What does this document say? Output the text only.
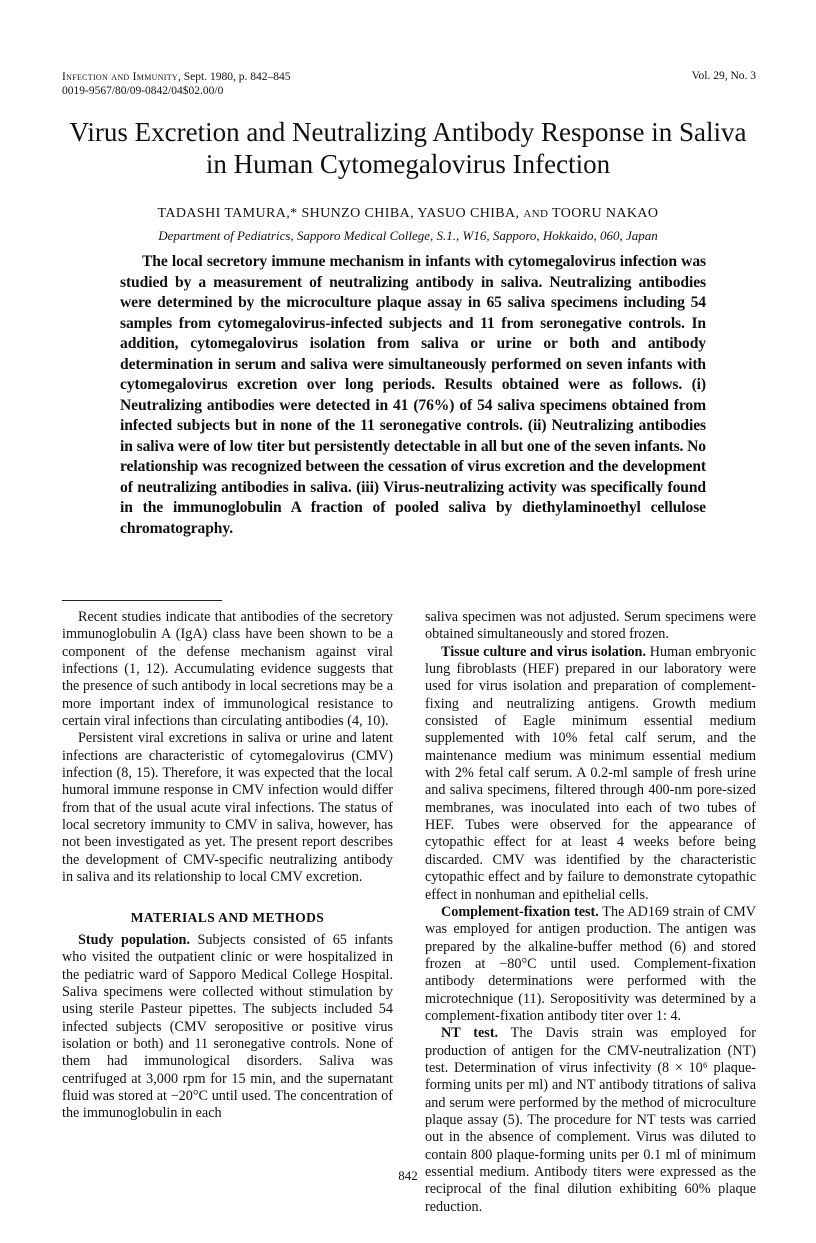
Infection and Immunity, Sept. 1980, p. 842–845
0019-9567/80/09-0842/04$02.00/0
Vol. 29, No. 3
Virus Excretion and Neutralizing Antibody Response in Saliva
in Human Cytomegalovirus Infection
TADASHI TAMURA,* SHUNZO CHIBA, YASUO CHIBA, AND TOORU NAKAO
Department of Pediatrics, Sapporo Medical College, S.1., W16, Sapporo, Hokkaido, 060, Japan
The local secretory immune mechanism in infants with cytomegalovirus infection was studied by a measurement of neutralizing antibody in saliva. Neutralizing antibodies were determined by the microculture plaque assay in 65 saliva specimens including 54 samples from cytomegalovirus-infected subjects and 11 from seronegative controls. In addition, cytomegalovirus isolation from saliva or urine or both and antibody determination in serum and saliva were simultaneously performed on seven infants with cytomegalovirus excretion over long periods. Results obtained were as follows. (i) Neutralizing antibodies were detected in 41 (76%) of 54 saliva specimens obtained from infected subjects but in none of the 11 seronegative controls. (ii) Neutralizing antibodies in saliva were of low titer but persistently detectable in all but one of the seven infants. No relationship was recognized between the cessation of virus excretion and the development of neutralizing antibodies in saliva. (iii) Virus-neutralizing activity was specifically found in the immunoglobulin A fraction of pooled saliva by diethylaminoethyl cellulose chromatography.

Recent studies indicate that antibodies of the secretory immunoglobulin A (IgA) class have been shown to be a component of the defense mechanism against viral infections (1, 12). Accumulating evidence suggests that the presence of such antibody in local secretions may be a more important index of immunological resistance to certain viral infections than circulating antibodies (4, 10).

Persistent viral excretions in saliva or urine and latent infections are characteristic of cytomegalovirus (CMV) infection (8, 15). Therefore, it was expected that the local humoral immune response in CMV infection would differ from that of the usual acute viral infections. The status of local secretory immunity to CMV in saliva, however, has not been investigated as yet. The present report describes the development of CMV-specific neutralizing antibody in saliva and its relationship to local CMV excretion.

MATERIALS AND METHODS

Study population. Subjects consisted of 65 infants who visited the outpatient clinic or were hospitalized in the pediatric ward of Sapporo Medical College Hospital. Saliva specimens were collected without stimulation by using sterile Pasteur pipettes. The subjects included 54 infected subjects (CMV seropositive or positive virus isolation or both) and 11 seronegative controls. None of them had immunological disorders. Saliva was centrifuged at 3,000 rpm for 15 min, and the supernatant fluid was stored at −20°C until used. The concentration of the immunoglobulin in each

saliva specimen was not adjusted. Serum specimens were obtained simultaneously and stored frozen.

Tissue culture and virus isolation. Human embryonic lung fibroblasts (HEF) prepared in our laboratory were used for virus isolation and preparation of complement-fixing and neutralizing antigens. Growth medium consisted of Eagle minimum essential medium supplemented with 10% fetal calf serum, and the maintenance medium was minimum essential medium with 2% fetal calf serum. A 0.2-ml sample of fresh urine and saliva specimens, filtered through 400-nm pore-sized membranes, was inoculated into each of two tubes of HEF. Tubes were observed for the appearance of cytopathic effect for at least 4 weeks before being discarded. CMV was identified by the characteristic cytopathic effect and by failure to demonstrate cytopathic effect in nonhuman and epithelial cells.

Complement-fixation test. The AD169 strain of CMV was employed for antigen production. The antigen was prepared by the alkaline-buffer method (6) and stored frozen at −80°C until used. Complement-fixation antibody determinations were performed with the microtechnique (11). Seropositivity was determined by a complement-fixation antibody titer over 1: 4.

NT test. The Davis strain was employed for production of antigen for the CMV-neutralization (NT) test. Determination of virus infectivity (8 × 10⁶ plaque-forming units per ml) and NT antibody titrations of saliva and serum were performed by the method of microculture plaque assay (5). The procedure for NT tests was carried out in the absence of complement. Virus was diluted to contain 800 plaque-forming units per 0.1 ml of minimum essential medium. Antibody titers were expressed as the reciprocal of the final dilution exhibiting 60% plaque reduction.

842
